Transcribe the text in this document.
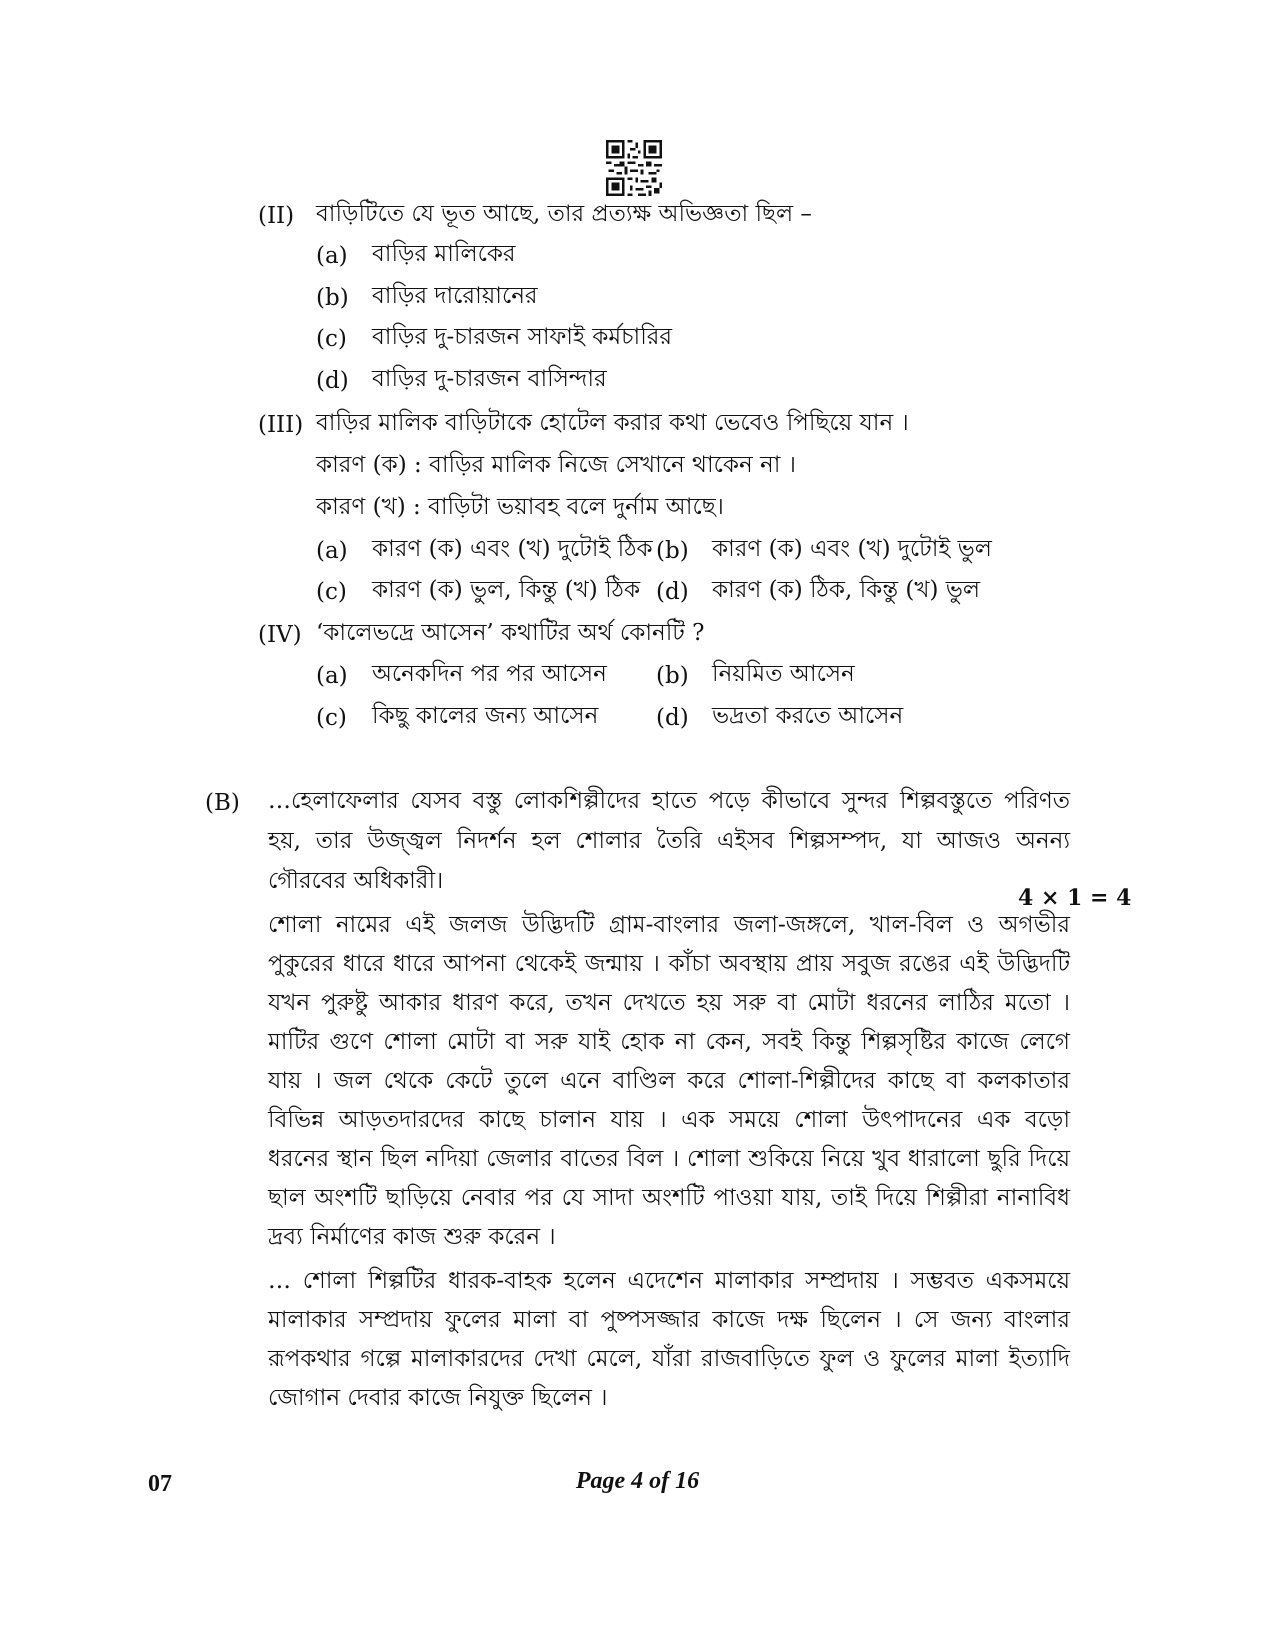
(II) বাড়িটিতে যে ভূত আছে, তার প্রত্যক্ষ অভিজ্ঞতা ছিল –
(a) বাড়ির মালিকের
(b) বাড়ির দারোয়ানের
(c) বাড়ির দু-চারজন সাফাই কর্মচারির
(d) বাড়ির দু-চারজন বাসিন্দার
(III) বাড়ির মালিক বাড়িটাকে হোটেল করার কথা ভেবেও পিছিয়ে যান ।
কারণ (ক) : বাড়ির মালিক নিজে সেখানে থাকেন না ।
কারণ (খ) : বাড়িটা ভয়াবহ বলে দুর্নাম আছে।
(a) কারণ (ক) এবং (খ) দুটোই ঠিক (b) কারণ (ক) এবং (খ) দুটোই ভুল
(c) কারণ (ক) ভুল, কিন্তু (খ) ঠিক (d) কারণ (ক) ঠিক, কিন্তু (খ) ভুল
(IV) ‘কালেভদ্রে আসেন’ কথাটির অর্থ কোনটি ?
(a) অনেকদিন পর পর আসেন (b) নিয়মিত আসেন
(c) কিছু কালের জন্য আসেন	(d) ভদ্রতা করতে আসেন
(B) …হেলাফেলার যেসব বস্তু লোকশিল্পীদের হাতে পড়ে কীভাবে সুন্দর শিল্পবস্তুতে পরিণত
হয়, তার উজ্জ্বল নিদর্শন হল শোলার তৈরি এইসব শিল্পসম্পদ, যা আজও অনন্য
গৌরবের অধিকারী।
4 × 1 = 4
শোলা নামের এই জলজ উদ্ভিদটি গ্রাম-বাংলার জলা-জঙ্গলে, খাল-বিল ও অগভীর
পুকুরের ধারে ধারে আপনা থেকেই জন্মায় । কাঁচা অবস্থায় প্রায় সবুজ রঙের এই উদ্ভিদটি
যখন পুরুষ্টু আকার ধারণ করে, তখন দেখতে হয় সরু বা মোটা ধরনের লাঠির মতো ।
মাটির গুণে শোলা মোটা বা সরু যাই হোক না কেন, সবই কিন্তু শিল্পসৃষ্টির কাজে লেগে
যায় । জল থেকে কেটে তুলে এনে বাণ্ডিল করে শোলা-শিল্পীদের কাছে বা কলকাতার
বিভিন্ন আড়তদারদের কাছে চালান যায় । এক সময়ে শোলা উৎপাদনের এক বড়ো
ধরনের স্থান ছিল নদিয়া জেলার বাতের বিল । শোলা শুকিয়ে নিয়ে খুব ধারালো ছুরি দিয়ে
ছাল অংশটি ছাড়িয়ে নেবার পর যে সাদা অংশটি পাওয়া যায়, তাই দিয়ে শিল্পীরা নানাবিধ
দ্রব্য নির্মাণের কাজ শুরু করেন ।
… শোলা শিল্পটির ধারক-বাহক হলেন এদেশেন মালাকার সম্প্রদায় । সম্ভবত একসময়ে
মালাকার সম্প্রদায় ফুলের মালা বা পুষ্পসজ্জার কাজে দক্ষ ছিলেন । সে জন্য বাংলার
রূপকথার গল্পে মালাকারদের দেখা মেলে, যাঁরা রাজবাড়িতে ফুল ও ফুলের মালা ইত্যাদি
জোগান দেবার কাজে নিযুক্ত ছিলেন ।
07	Page 4 of 16
